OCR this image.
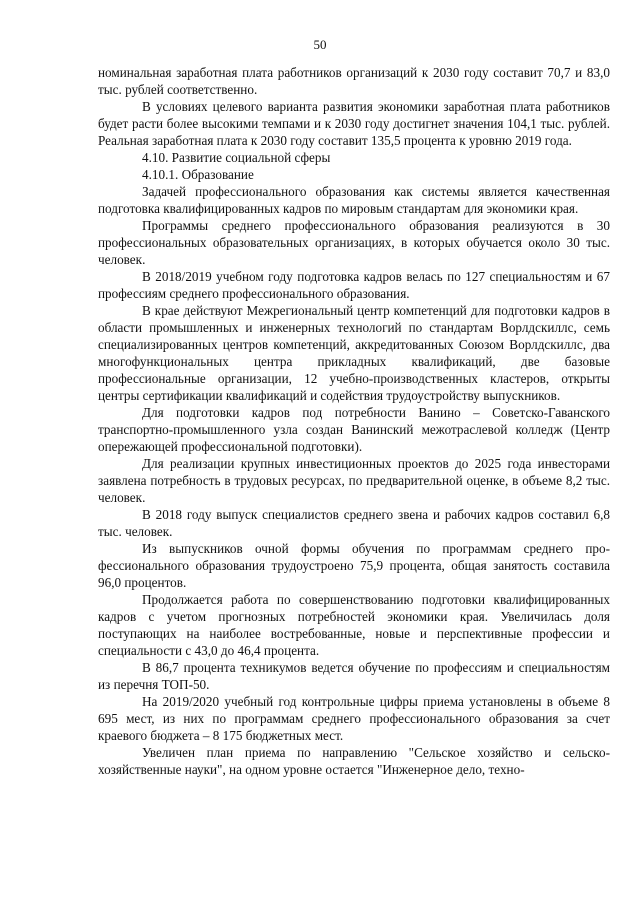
50

номинальная заработная плата работников организаций к 2030 году составит 70,7 и 83,0 тыс. рублей соответственно.

В условиях целевого варианта развития экономики заработная плата работников будет расти более высокими темпами и к 2030 году достигнет значения 104,1 тыс. рублей. Реальная заработная плата к 2030 году составит 135,5 процента к уровню 2019 года.

4.10. Развитие социальной сферы

4.10.1. Образование

Задачей профессионального образования как системы является качественная подготовка квалифицированных кадров по мировым стандартам для экономики края.

Программы среднего профессионального образования реализуются в 30 профессиональных образовательных организациях, в которых обучается около 30 тыс. человек.

В 2018/2019 учебном году подготовка кадров велась по 127 специальностям и 67 профессиям среднего профессионального образования.

В крае действуют Межрегиональный центр компетенций для подготовки кадров в области промышленных и инженерных технологий по стандартам Ворлдскиллс, семь специализированных центров компетенций, аккредитованных Союзом Ворлдскиллс, два многофункциональных центра прикладных квалификаций, две базовые профессиональные организации, 12 учебно-производственных кластеров, открыты центры сертификации квалификаций и содействия трудоустройству выпускников.

Для подготовки кадров под потребности Ванино – Советско-Гаванского транспортно-промышленного узла создан Ванинский межотраслевой колледж (Центр опережающей профессиональной подготовки).

Для реализации крупных инвестиционных проектов до 2025 года инвесторами заявлена потребность в трудовых ресурсах, по предварительной оценке, в объеме 8,2 тыс. человек.

В 2018 году выпуск специалистов среднего звена и рабочих кадров составил 6,8 тыс. человек.

Из выпускников очной формы обучения по программам среднего профессионального образования трудоустроено 75,9 процента, общая занятость составила 96,0 процентов.

Продолжается работа по совершенствованию подготовки квалифицированных кадров с учетом прогнозных потребностей экономики края. Увеличилась доля поступающих на наиболее востребованные, новые и перспективные профессии и специальности с 43,0 до 46,4 процента.

В 86,7 процента техникумов ведется обучение по профессиям и специальностям из перечня ТОП-50.

На 2019/2020 учебный год контрольные цифры приема установлены в объеме 8 695 мест, из них по программам среднего профессионального образования за счет краевого бюджета – 8 175 бюджетных мест.

Увеличен план приема по направлению "Сельское хозяйство и сельскохозяйственные науки", на одном уровне остается "Инженерное дело, техно-
